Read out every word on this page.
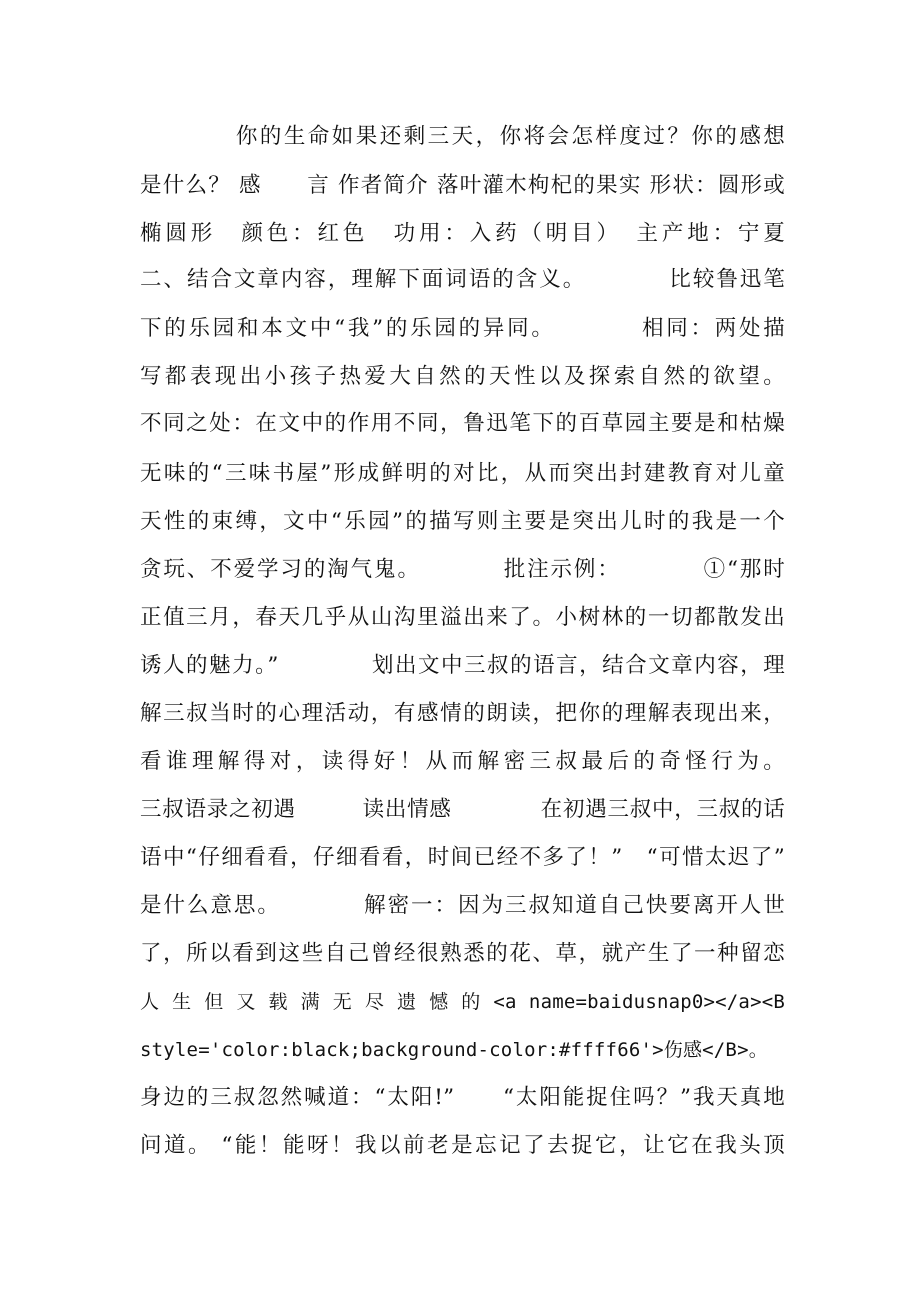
　　　　你的生命如果还剩三天，你将会怎样度过？你的感想
是什么？ 感　　言 作者简介 落叶灌木枸杞的果实 形状：圆形或
椭圆形　颜色：红色　功用：入药（明目）　主产地：宁夏
二、结合文章内容，理解下面词语的含义。　　　　比较鲁迅笔
下的乐园和本文中“我”的乐园的异同。　　　　相同：两处描
写都表现出小孩子热爱大自然的天性以及探索自然的欲望。
不同之处：在文中的作用不同，鲁迅笔下的百草园主要是和枯燥
无味的“三味书屋”形成鲜明的对比，从而突出封建教育对儿童
天性的束缚，文中“乐园”的描写则主要是突出儿时的我是一个
贪玩、不爱学习的淘气鬼。　　　　批注示例：　　　　①“那时
正值三月，春天几乎从山沟里溢出来了。小树林的一切都散发出
诱人的魅力。”　　　　划出文中三叔的语言，结合文章内容，理
解三叔当时的心理活动，有感情的朗读，把你的理解表现出来，
看谁理解得对，读得好！从而解密三叔最后的奇怪行为。
三叔语录之初遇　　　读出情感　　　　在初遇三叔中，三叔的话
语中“仔细看看，仔细看看，时间已经不多了！”　“可惜太迟了”
是什么意思。　　　　解密一：因为三叔知道自己快要离开人世
了，所以看到这些自己曾经很熟悉的花、草，就产生了一种留恋
人 生 但 又 载 满 无 尽 遗 憾 的 <a name=baidusnap0></a><B
style='color:black;background-color:#ffff66'>伤感</B>。
身边的三叔忽然喊道：“太阳!”　　“太阳能捉住吗？”我天真地
问道。 “能！能呀！我以前老是忘记了去捉它，让它在我头顶
